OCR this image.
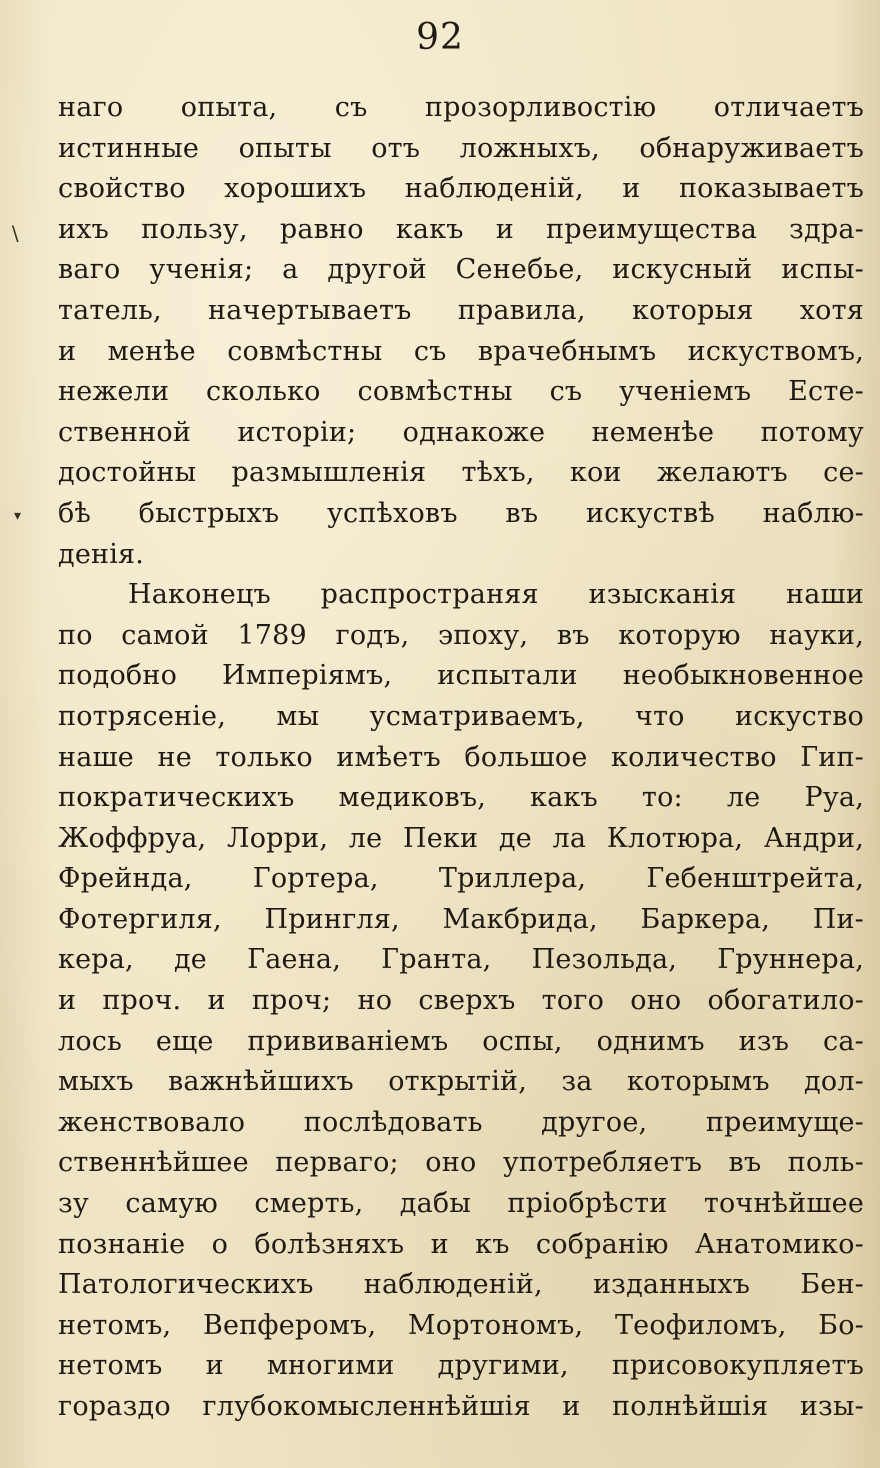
92
∖
▾
наго опыта, съ прозорливостію отличаетъ
истинные опыты отъ ложныхъ, обнаруживаетъ
свойство хорошихъ наблюденій, и показываетъ
ихъ пользу, равно какъ и преимущества здра-
ваго ученія; а другой Сенебье, искусный испы-
татель, начертываетъ правила, которыя хотя
и менѣе совмѣстны съ врачебнымъ искуствомъ,
нежели сколько совмѣстны съ ученіемъ Есте-
ственной исторіи; однакоже неменѣе потому
достойны размышленія тѣхъ, кои желаютъ се-
бѣ быстрыхъ успѣховъ въ искуствѣ наблю-
денія.
Наконецъ распространяя изысканія наши
по самой 1789 годъ, эпоху, въ которую науки,
подобно Имперіямъ, испытали необыкновенное
потрясеніе, мы усматриваемъ, что искуство
наше не только имѣетъ большое количество Гип-
пократическихъ медиковъ, какъ то: ле Руа,
Жоффруа, Лорри, ле Пеки де ла Клотюра, Андри,
Фрейнда, Гортера, Триллера, Гебенштрейта,
Фотергиля, Прингля, Макбрида, Баркера, Пи-
кера, де Гаена, Гранта, Пезольда, Груннера,
и проч. и проч; но сверхъ того оно обогатило-
лось еще прививаніемъ оспы, однимъ изъ са-
мыхъ важнѣйшихъ открытій, за которымъ дол-
женствовало послѣдовать другое, преимуще-
ственнѣйшее перваго; оно употребляетъ въ поль-
зу самую смерть, дабы пріобрѣсти точнѣйшее
познаніе о болѣзняхъ и къ собранію Анатомико-
Патологическихъ наблюденій, изданныхъ Бен-
нетомъ, Вепферомъ, Мортономъ, Теофиломъ, Бо-
нетомъ и многими другими, присовокупляетъ
гораздо глубокомысленнѣйшія и полнѣйшія изы-
